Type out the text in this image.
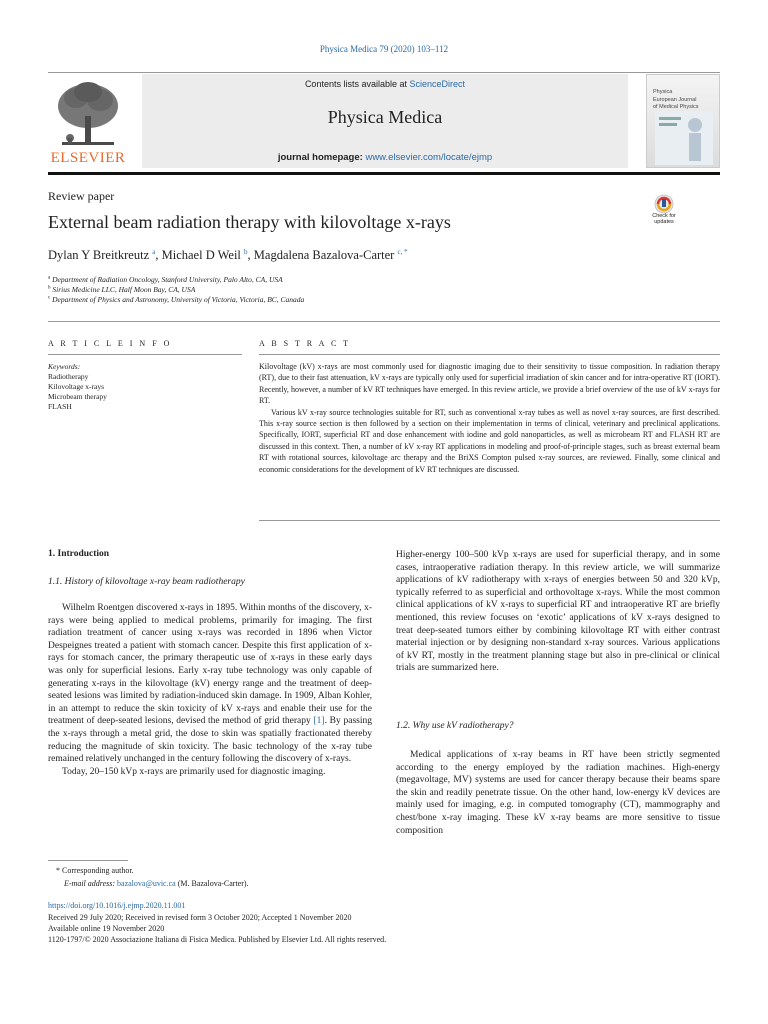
Physica Medica 79 (2020) 103–112
ELSEVIER
Contents lists available at ScienceDirect
Physica Medica
journal homepage: www.elsevier.com/locate/ejmp
Physica
European Journal
of Medical Physics
Review paper
External beam radiation therapy with kilovoltage x-rays	Check for
updates
Dylan Y Breitkreutz $^a$, Michael D Weil $^b$, Magdalena Bazalova-Carter $^{c, *}$
$^a$ Department of Radiation Oncology, Stanford University, Palo Alto, CA, USA
$^b$ Sirius Medicine LLC, Half Moon Bay, CA, USA
$^c$ Department of Physics and Astronomy, University of Victoria, Victoria, BC, Canada
A R T I C L E I N F O
Keywords:
Radiotherapy
Kilovoltage x-rays
Microbeam therapy
FLASH
A B S T R A C T

Kilovoltage (kV) x-rays are most commonly used for diagnostic imaging due to their sensitivity to tissue composition. In radiation therapy (RT), due to their fast attenuation, kV x-rays are typically only used for superficial irradiation of skin cancer and for intra-operative RT (IORT). Recently, however, a number of kV RT techniques have emerged. In this review article, we provide a brief overview of the use of kV x-rays for RT.

Various kV x-ray source technologies suitable for RT, such as conventional x-ray tubes as well as novel x-ray sources, are first described. This x-ray source section is then followed by a section on their implementation in terms of clinical, veterinary and preclinical applications. Specifically, IORT, superficial RT and dose enhancement with iodine and gold nanoparticles, as well as microbeam RT and FLASH RT are discussed in this context. Then, a number of kV x-ray RT applications in modeling and proof-of-principle stages, such as breast external beam RT with rotational sources, kilovoltage arc therapy and the BriXS Compton pulsed x-ray sources, are reviewed. Finally, some clinical and economic considerations for the development of kV RT techniques are discussed.

1. Introduction
1.1. History of kilovoltage x-ray beam radiotherapy

Wilhelm Roentgen discovered x-rays in 1895. Within months of the discovery, x-rays were being applied to medical problems, primarily for imaging. The first radiation treatment of cancer using x-rays was recorded in 1896 when Victor Despeignes treated a patient with stomach cancer. Despite this first application of x-rays for stomach cancer, the primary therapeutic use of x-rays in these early days was only for superficial lesions. Early x-ray tube technology was only capable of generating x-rays in the kilovoltage (kV) energy range and the treatment of deep-seated lesions was limited by radiation-induced skin damage. In 1909, Alban Kohler, in an attempt to reduce the skin toxicity of kV x-rays and enable their use for the treatment of deep-seated lesions, devised the method of grid therapy [1]. By passing the x-rays through a metal grid, the dose to skin was spatially fractionated thereby reducing the magnitude of skin toxicity. The basic technology of the x-ray tube remained relatively unchanged in the century following the discovery of x-rays.

Today, 20–150 kVp x-rays are primarily used for diagnostic imaging.

Higher-energy 100–500 kVp x-rays are used for superficial therapy, and in some cases, intraoperative radiation therapy. In this review article, we will summarize applications of kV radiotherapy with x-rays of energies between 50 and 320 kVp, typically referred to as superficial and orthovoltage x-rays. While the most common clinical applications of kV x-rays to superficial RT and intraoperative RT are briefly mentioned, this review focuses on ‘exotic’ applications of kV x-rays designed to treat deep-seated tumors either by combining kilovoltage RT with either contrast material injection or by designing non-standard x-ray sources. Various applications of kV RT, mostly in the treatment planning stage but also in pre-clinical or clinical trials are summarized here.

1.2. Why use kV radiotherapy?

Medical applications of x-ray beams in RT have been strictly segmented according to the energy employed by the radiation machines. High-energy (megavoltage, MV) systems are used for cancer therapy because their beams spare the skin and readily penetrate tissue. On the other hand, low-energy kV devices are mainly used for imaging, e.g. in computed tomography (CT), mammography and chest/bone x-ray imaging. These kV x-ray beams are more sensitive to tissue composition

* Corresponding author.
E-mail address: bazalova@uvic.ca (M. Bazalova-Carter).
https://doi.org/10.1016/j.ejmp.2020.11.001
Received 29 July 2020; Received in revised form 3 October 2020; Accepted 1 November 2020
Available online 19 November 2020
1120-1797/© 2020 Associazione Italiana di Fisica Medica. Published by Elsevier Ltd. All rights reserved.
